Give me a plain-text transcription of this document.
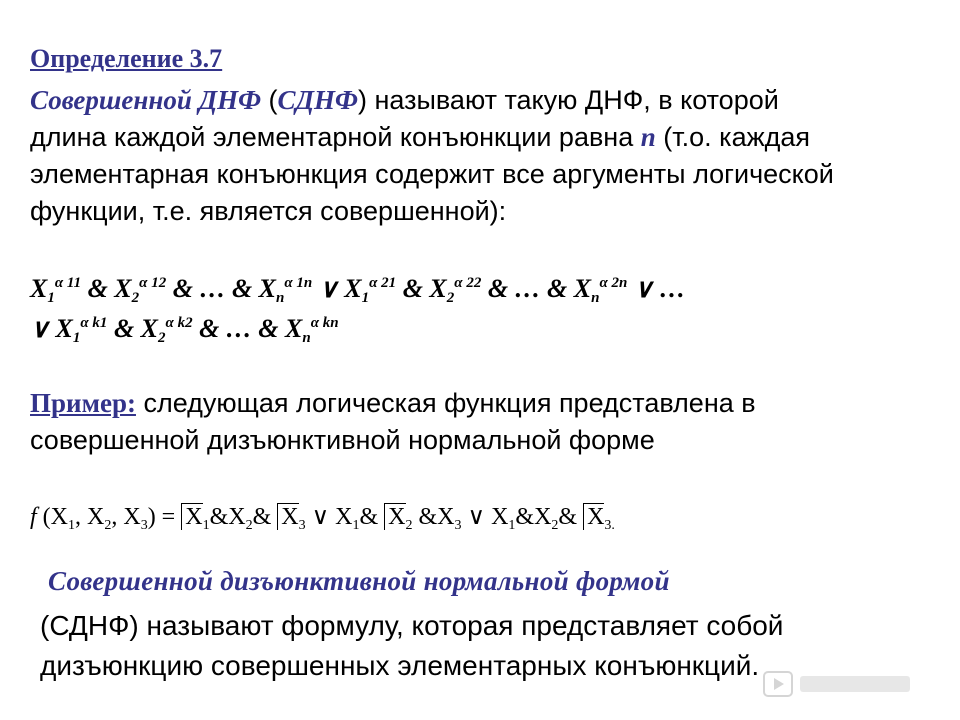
Определение 3.7
Совершенной ДНФ (СДНФ) называют такую ДНФ, в которой
длина каждой элементарной конъюнкции равна n (т.о. каждая
элементарная конъюнкция содержит все аргументы логической
функции, т.е. является совершенной):
$X_1^{\alpha 11}$ & $X_2^{\alpha 12}$ & … & $X_n^{\alpha 1n}$ ∨ $X_1^{\alpha 21}$ & $X_2^{\alpha 22}$ & … & $X_n^{\alpha 2n}$ ∨ …
∨ $X_1^{\alpha k1}$ & $X_2^{\alpha k2}$ & … & $X_n^{\alpha kn}$
Пример: следующая логическая функция представлена в
совершенной дизъюнктивной нормальной форме
f ($X_1$, $X_2$, $X_3$) = $X_1\&X_2\&$ $X_3$ ∨ $X_1\&$ $X_2$ $\&X_3$ ∨ $X_1\&X_2\&$ $X_{3.}$
Совершенной дизъюнктивной нормальной формой
(СДНФ) называют формулу, которая представляет собой
дизъюнкцию совершенных элементарных конъюнкций.
